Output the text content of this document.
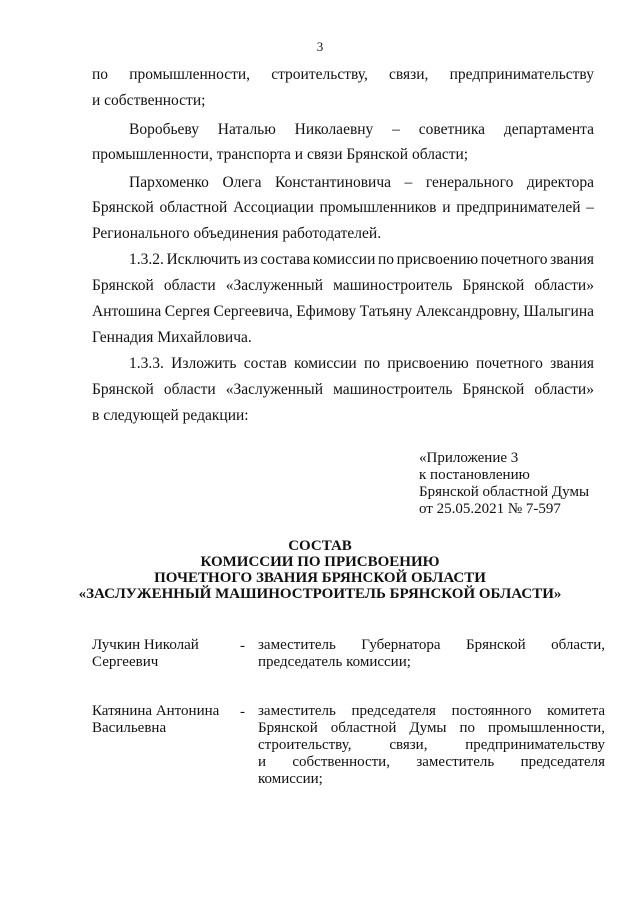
3
по промышленности, строительству, связи, предпринимательству
и собственности;
Воробьеву Наталью Николаевну – советника департамента
промышленности, транспорта и связи Брянской области;
Пархоменко Олега Константиновича – генерального директора
Брянской областной Ассоциации промышленников и предпринимателей –
Регионального объединения работодателей.
1.3.2. Исключить из состава комиссии по присвоению почетного звания
Брянской области «Заслуженный машиностроитель Брянской области»
Антошина Сергея Сергеевича, Ефимову Татьяну Александровну, Шалыгина
Геннадия Михайловича.
1.3.3. Изложить состав комиссии по присвоению почетного звания
Брянской области «Заслуженный машиностроитель Брянской области»
в следующей редакции:
«Приложение 3
к постановлению
Брянской областной Думы
от 25.05.2021 № 7-597
СОСТАВ
КОМИССИИ ПО ПРИСВОЕНИЮ
ПОЧЕТНОГО ЗВАНИЯ БРЯНСКОЙ ОБЛАСТИ
«ЗАСЛУЖЕННЫЙ МАШИНОСТРОИТЕЛЬ БРЯНСКОЙ ОБЛАСТИ»
Лучкин Николай
Сергеевич
- заместитель Губернатора Брянской области,
председатель комиссии;
Катянина Антонина
Васильевна
- заместитель председателя постоянного комитета
Брянской областной Думы по промышленности,
строительству,	связи,	предпринимательству
и собственности, заместитель председателя
комиссии;
